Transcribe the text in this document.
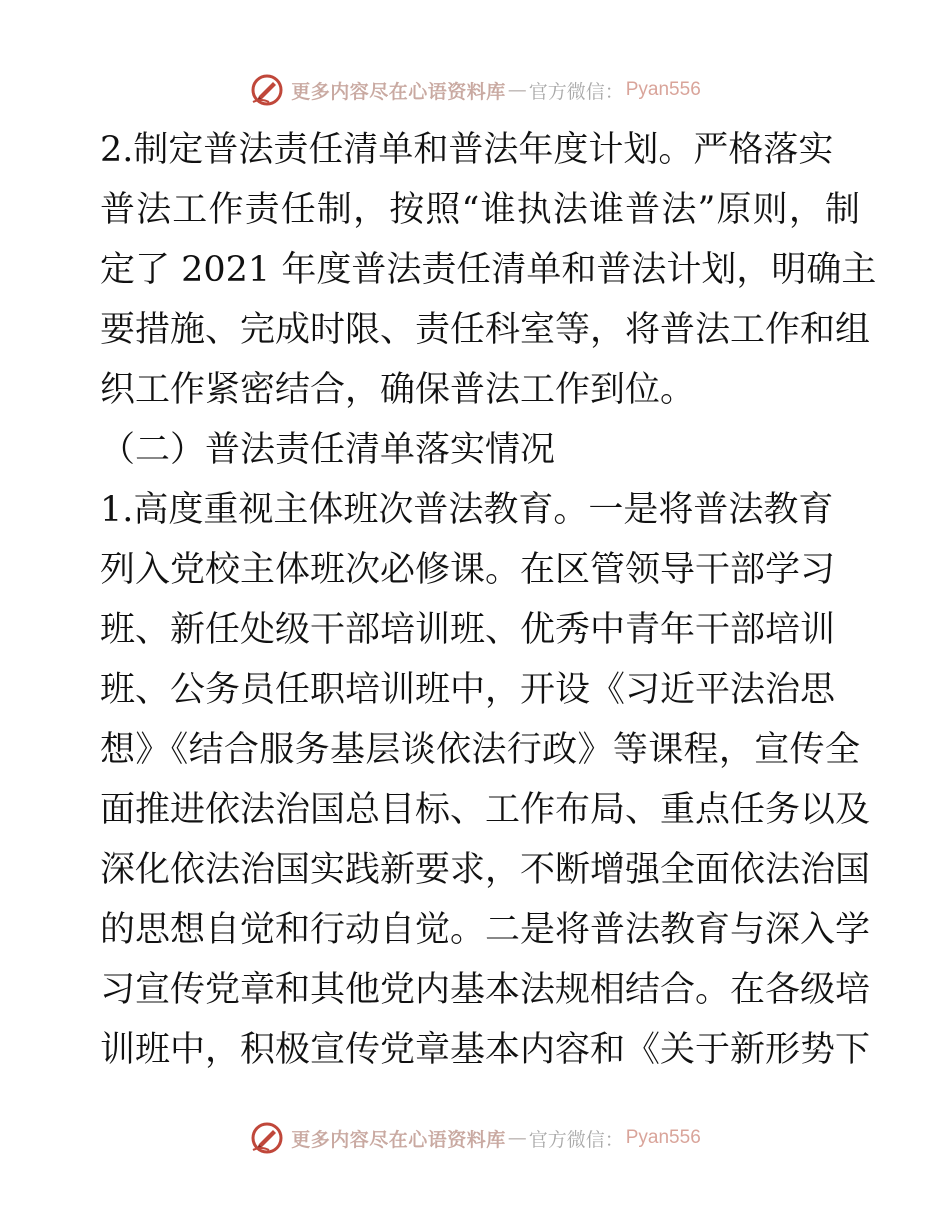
更多内容尽在心语资料库 — 官方微信： Pyan556
2.制定普法责任清单和普法年度计划。严格落实
普法工作责任制，按照“谁执法谁普法”原则，制
定了 2021 年度普法责任清单和普法计划，明确主
要措施、完成时限、责任科室等，将普法工作和组
织工作紧密结合，确保普法工作到位。
（二）普法责任清单落实情况
1.高度重视主体班次普法教育。一是将普法教育
列入党校主体班次必修课。在区管领导干部学习
班、新任处级干部培训班、优秀中青年干部培训
班、公务员任职培训班中，开设《习近平法治思
想》《结合服务基层谈依法行政》等课程，宣传全
面推进依法治国总目标、工作布局、重点任务以及
深化依法治国实践新要求，不断增强全面依法治国
的思想自觉和行动自觉。二是将普法教育与深入学
习宣传党章和其他党内基本法规相结合。在各级培
训班中，积极宣传党章基本内容和《关于新形势下
更多内容尽在心语资料库 — 官方微信： Pyan556
